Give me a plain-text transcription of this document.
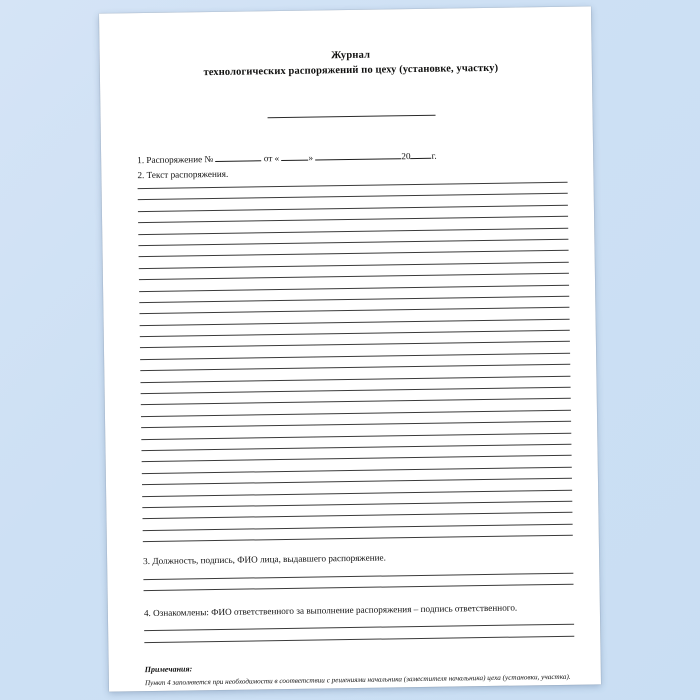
Журнал
технологических распоряжений по цеху (установке, участку)
1. Распоряжение №	от «	»	20 г.
2. Текст распоряжения.
3. Должность, подпись, ФИО лица, выдавшего распоряжение.
4. Ознакомлены: ФИО ответственного за выполнение распоряжения – подпись ответственного.
Примечания:
Пункт 4 заполняется при необходимости в соответствии с решениями начальника (заместителя начальника) цеха (установки, участка).
